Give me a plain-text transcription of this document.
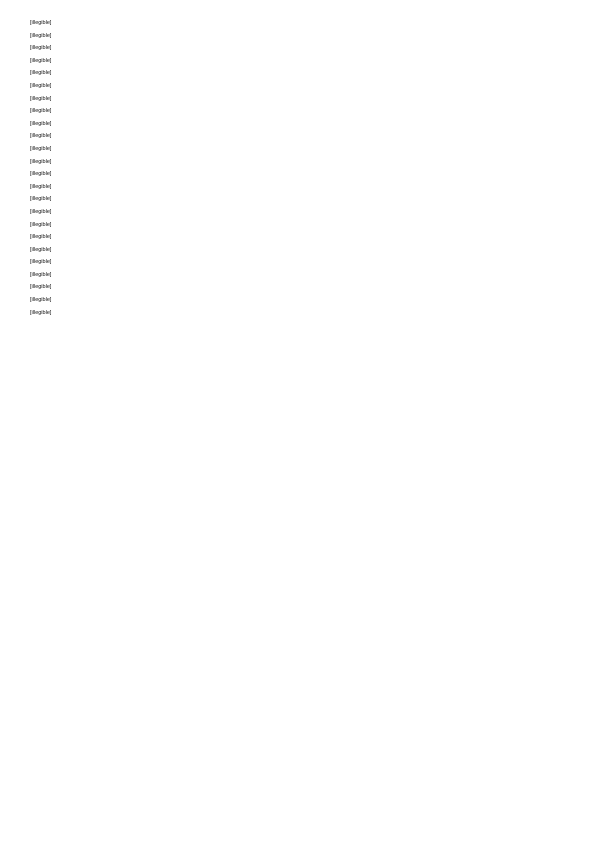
[illegible]

[illegible]

[illegible]

[illegible]

[illegible]

[illegible]

[illegible]

[illegible]

[illegible]

[illegible]

[illegible]

[illegible]

[illegible]

[illegible]

[illegible]

[illegible]

[illegible]

[illegible]

[illegible]

[illegible]

[illegible]

[illegible]

[illegible]

[illegible]
